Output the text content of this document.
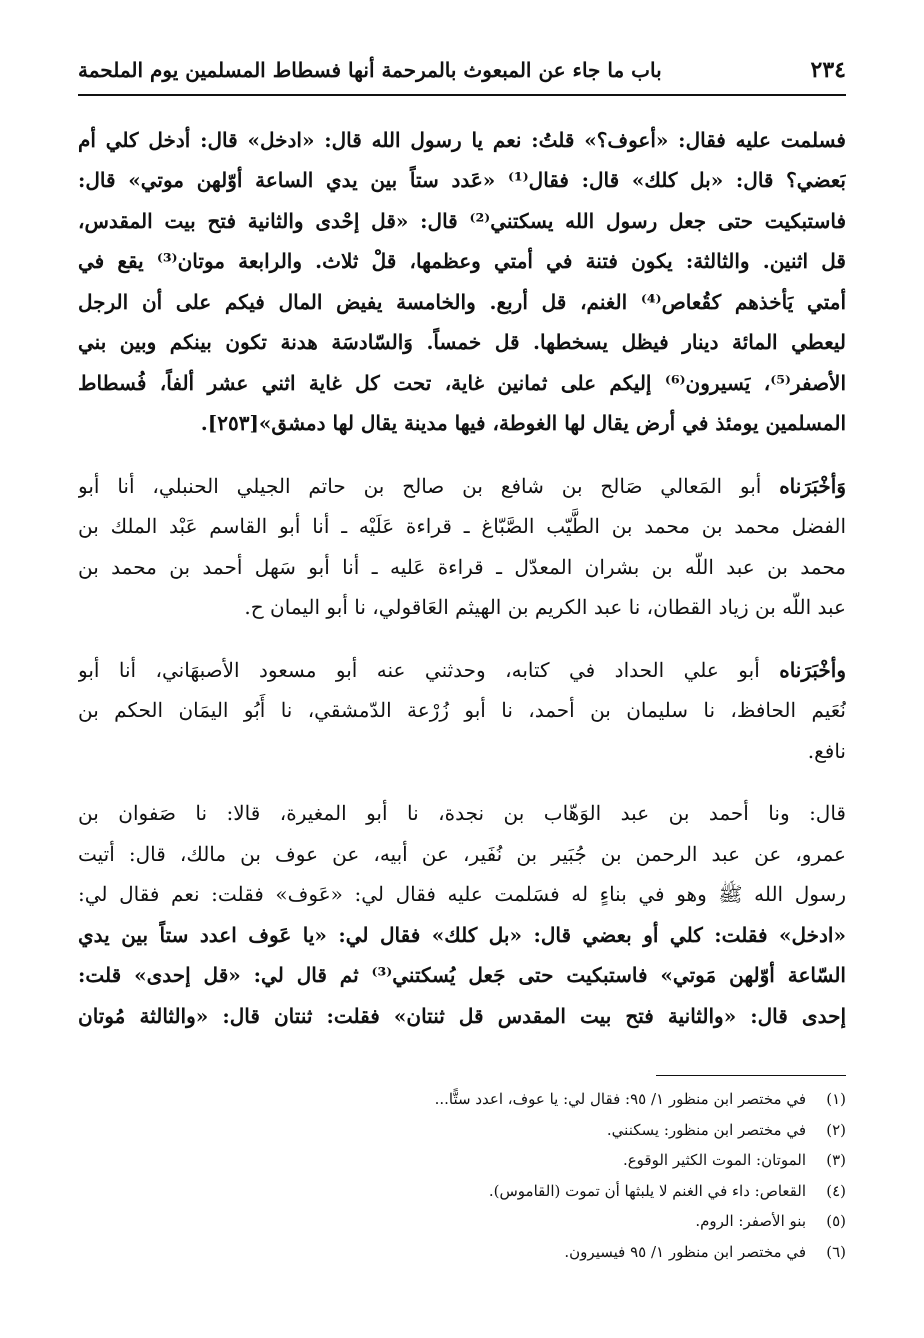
٢٣٤
باب ما جاء عن المبعوث بالمرحمة أنها فسطاط المسلمين يوم الملحمة
فسلمت عليه فقال: «أعوف؟» قلتُ: نعم يا رسول الله قال: «ادخل» قال: أدخل كلي أم
بَعضي؟ قال: «بل كلك» قال: فقال⁽¹⁾ «عَدد ستاً بين يدي الساعة أوّلهن موتي» قال:
فاستبكيت حتى جعل رسول الله يسكتني⁽²⁾ قال: «قل إحْدى والثانية فتح بيت المقدس،
قل اثنين. والثالثة: يكون فتنة في أمتي وعظمها، قلْ ثلاث. والرابعة موتان⁽³⁾ يقع في
أمتي يَأخذهم كقُعاص⁽⁴⁾ الغنم، قل أربع. والخامسة يفيض المال فيكم على أن الرجل
ليعطي المائة دينار فيظل يسخطها. قل خمساً. وَالسّادسَة هدنة تكون بينكم وبين بني
الأصفر⁽⁵⁾، يَسيرون⁽⁶⁾ إليكم على ثمانين غاية، تحت كل غاية اثني عشر ألفاً، فُسطاط
المسلمين يومئذ في أرض يقال لها الغوطة، فيها مدينة يقال لها دمشق»[٢٥٣].
وَأخْبَرَناه أبو المَعالي صَالح بن شافع بن صالح بن حاتم الجيلي الحنبلي، أنا أبو
الفضل محمد بن محمد بن الطَّيّب الصَّبّاغ ـ قراءة عَلَيْه ـ أنا أبو القاسم عَبْد الملك بن
محمد بن عبد اللّه بن بشران المعدّل ـ قراءة عَليه ـ أنا أبو سَهل أحمد بن محمد بن
عبد اللّه بن زياد القطان، نا عبد الكريم بن الهيثم العَاقولي، نا أبو اليمان ح.
وأخْبَرَناه أبو علي الحداد في كتابه، وحدثني عنه أبو مسعود الأصبهَاني، أنا أبو
نُعَيم الحافظ، نا سليمان بن أحمد، نا أبو زُرْعة الدّمشقي، نا أَبُو اليمَان الحكم بن
نافع.
قال: ونا أحمد بن عبد الوَهّاب بن نجدة، نا أبو المغيرة، قالا: نا صَفوان بن
عمرو، عن عبد الرحمن بن جُبَير بن نُفَير، عن أبيه، عن عوف بن مالك، قال: أتيت
رسول الله ﷺ وهو في بناءٍ له فسَلمت عليه فقال لي: «عَوف» فقلت: نعم فقال لي:
«ادخل» فقلت: كلي أو بعضي قال: «بل كلك» فقال لي: «يا عَوف اعدد ستاً بين يدي
السّاعة أوّلهن مَوتي» فاستبكيت حتى جَعل يُسكتني⁽³⁾ ثم قال لي: «قل إحدى» قلت:
إحدى قال: «والثانية فتح بيت المقدس قل ثنتان» فقلت: ثنتان قال: «والثالثة مُوتان
(١)
في مختصر ابن منظور ١/ ٩٥: فقال لي: يا عوف، اعدد ستًّا...
(٢)
في مختصر ابن منظور: يسكنني.
(٣)
الموتان: الموت الكثير الوقوع.
(٤)
القعاص: داء في الغنم لا يلبثها أن تموت (القاموس).
(٥)
بنو الأصفر: الروم.
(٦)
في مختصر ابن منظور ١/ ٩٥ فيسيرون.
